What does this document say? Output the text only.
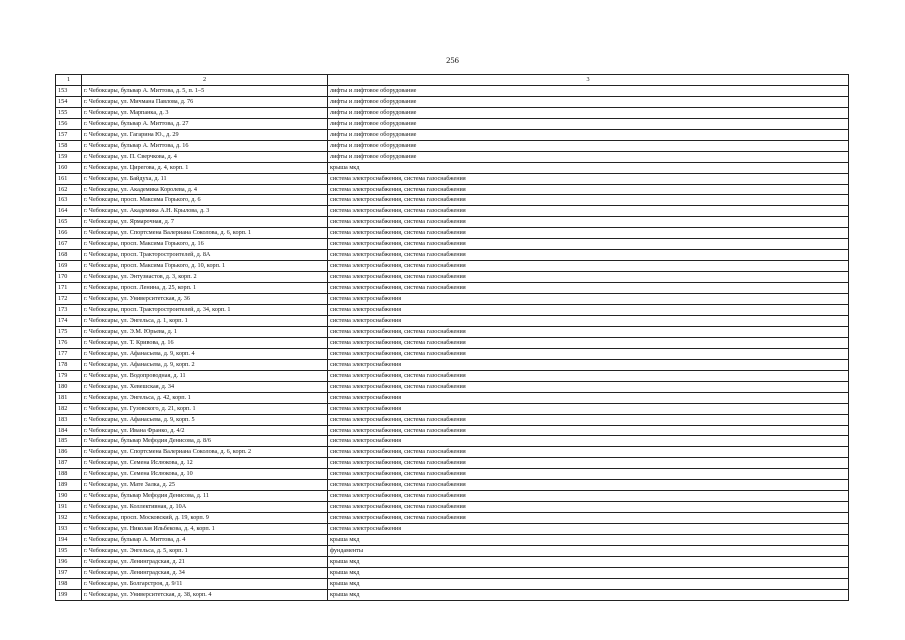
256
1	2	3
153	г. Чебоксары, бульвар А. Миттова, д. 5, п. 1–5	лифты и лифтовое оборудование
154	г. Чебоксары, ул. Мичмана Павлова, д. 76	лифты и лифтовое оборудование
155	г. Чебоксары, ул. Марпанка, д. 3	лифты и лифтовое оборудование
156	г. Чебоксары, бульвар А. Миттова, д. 27	лифты и лифтовое оборудование
157	г. Чебоксары, ул. Гагарина Ю., д. 29	лифты и лифтовое оборудование
158	г. Чебоксары, бульвар А. Миттова, д. 16	лифты и лифтовое оборудование
159	г. Чебоксары, ул. П. Сверчкова, д. 4	лифты и лифтовое оборудование
160	г. Чебоксары, ул. Цирегова, д. 4, корп. 1	крыша мкд
161	г. Чебоксары, ул. Байдуха, д. 11	система электроснабжения, система газоснабжения
162	г. Чебоксары, ул. Академика Королева, д. 4	система электроснабжения, система газоснабжения
163	г. Чебоксары, просп. Максима Горького, д. 6	система электроснабжения, система газоснабжения
164	г. Чебоксары, ул. Академика А.Н. Крылова, д. 3	система электроснабжения, система газоснабжения
165	г. Чебоксары, ул. Ярмарочная, д. 7	система электроснабжения, система газоснабжения
166	г. Чебоксары, ул. Спортсмена Валериана Соколова, д. 6, корп. 1	система электроснабжения, система газоснабжения
167	г. Чебоксары, просп. Максима Горького, д. 16	система электроснабжения, система газоснабжения
168	г. Чебоксары, просп. Тракторостроителей, д. 8А	система электроснабжения, система газоснабжения
169	г. Чебоксары, просп. Максима Горького, д. 10, корп. 1	система электроснабжения, система газоснабжения
170	г. Чебоксары, ул. Энтузиастов, д. 3, корп. 2	система электроснабжения, система газоснабжения
171	г. Чебоксары, просп. Ленина, д. 25, корп. 1	система электроснабжения, система газоснабжения
172	г. Чебоксары, ул. Университетская, д. 36	система электроснабжения
173	г. Чебоксары, просп. Тракторостроителей, д. 34, корп. 1	система электроснабжения
174	г. Чебоксары, ул. Энгельса, д. 1, корп. 1	система электроснабжения
175	г. Чебоксары, ул. Э.М. Юрьева, д. 1	система электроснабжения, система газоснабжения
176	г. Чебоксары, ул. Т. Кривова, д. 16	система электроснабжения, система газоснабжения
177	г. Чебоксары, ул. Афанасьева, д. 9, корп. 4	система электроснабжения, система газоснабжения
178	г. Чебоксары, ул. Афанасьева, д. 9, корп. 2	система электроснабжения
179	г. Чебоксары, ул. Водопроводная, д. 11	система электроснабжения, система газоснабжения
180	г. Чебоксары, ул. Хевешская, д. 34	система электроснабжения, система газоснабжения
181	г. Чебоксары, ул. Энгельса, д. 42, корп. 1	система электроснабжения
182	г. Чебоксары, ул. Гузовского, д. 21, корп. 1	система электроснабжения
183	г. Чебоксары, ул. Афанасьева, д. 9, корп. 5	система электроснабжения, система газоснабжения
184	г. Чебоксары, ул. Ивана Франко, д. 4/2	система электроснабжения, система газоснабжения
185	г. Чебоксары, бульвар Мефодия Денисова, д. 8/6	система электроснабжения
186	г. Чебоксары, ул. Спортсмена Валериана Соколова, д. 6, корп. 2	система электроснабжения, система газоснабжения
187	г. Чебоксары, ул. Семена Ислюкова, д. 12	система электроснабжения, система газоснабжения
188	г. Чебоксары, ул. Семена Ислюкова, д. 10	система электроснабжения, система газоснабжения
189	г. Чебоксары, ул. Мате Залка, д. 25	система электроснабжения, система газоснабжения
190	г. Чебоксары, бульвар Мефодия Денисова, д. 11	система электроснабжения, система газоснабжения
191	г. Чебоксары, ул. Коллективная, д. 10А	система электроснабжения, система газоснабжения
192	г. Чебоксары, просп. Московский, д. 19, корп. 9	система электроснабжения, система газоснабжения
193	г. Чебоксары, ул. Николая Ильбекова, д. 4, корп. 1	система электроснабжения
194	г. Чебоксары, бульвар А. Миттова, д. 4	крыша мкд
195	г. Чебоксары, ул. Энгельса, д. 5, корп. 1	фундаменты
196	г. Чебоксары, ул. Ленинградская, д. 21	крыша мкд
197	г. Чебоксары, ул. Ленинградская, д. 34	крыша мкд
198	г. Чебоксары, ул. Болгарстроя, д. 9/11	крыша мкд
199	г. Чебоксары, ул. Университетская, д. 38, корп. 4	крыша мкд
